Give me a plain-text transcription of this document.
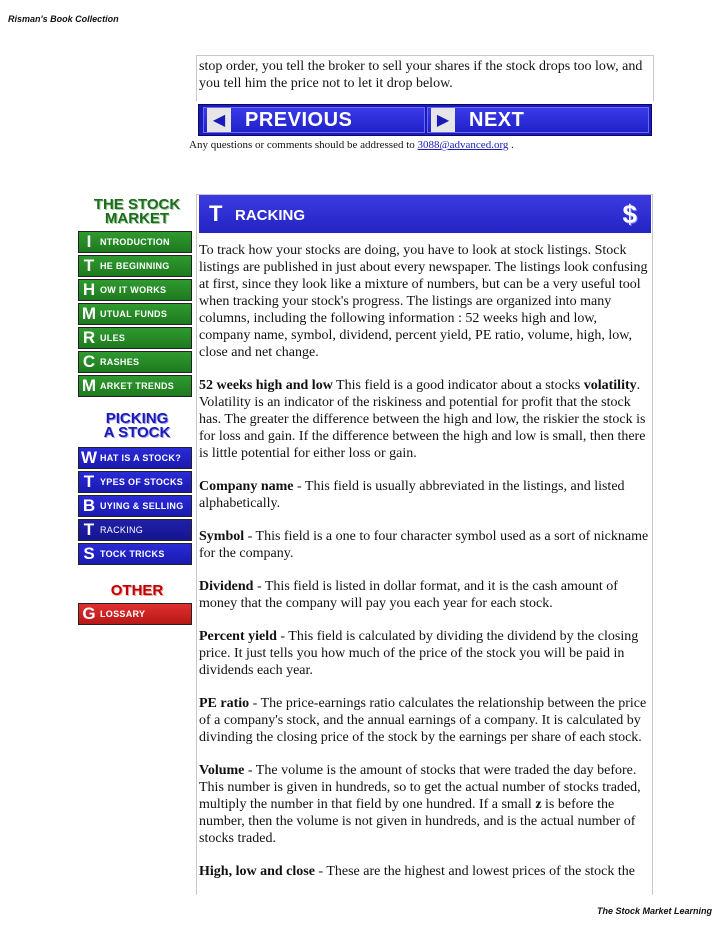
Risman's Book Collection

stop order, you tell the broker to sell your shares if the stock drops too low, and you tell him the price not to let it drop below.

◀ PREVIOUS	▶ NEXT
Any questions or comments should be addressed to 3088@advanced.org .
THE STOCK
MARKET
I NTRODUCTION
T HE BEGINNING
H OW IT WORKS
M UTUAL FUNDS
R ULES
C RASHES
M ARKET TRENDS
PICKING
A STOCK
W HAT IS A STOCK?
T YPES OF STOCKS
B UYING & SELLING
T RACKING
S TOCK TRICKS
OTHER
G LOSSARY
T RACKING	$

To track how your stocks are doing, you have to look at stock listings. Stock listings are published in just about every newspaper. The listings look confusing at first, since they look like a mixture of numbers, but can be a very useful tool when tracking your stock's progress. The listings are organized into many columns, including the following information : 52 weeks high and low, company name, symbol, dividend, percent yield, PE ratio, volume, high, low, close and net change.

52 weeks high and low This field is a good indicator about a stocks volatility. Volatility is an indicator of the riskiness and potential for profit that the stock has. The greater the difference between the high and low, the riskier the stock is for loss and gain. If the difference between the high and low is small, then there is little potential for either loss or gain.

Company name - This field is usually abbreviated in the listings, and listed alphabetically.

Symbol - This field is a one to four character symbol used as a sort of nickname for the company.

Dividend - This field is listed in dollar format, and it is the cash amount of money that the company will pay you each year for each stock.

Percent yield - This field is calculated by dividing the dividend by the closing price. It just tells you how much of the price of the stock you will be paid in dividends each year.

PE ratio - The price-earnings ratio calculates the relationship between the price of a company's stock, and the annual earnings of a company. It is calculated by divinding the closing price of the stock by the earnings per share of each stock.

Volume - The volume is the amount of stocks that were traded the day before. This number is given in hundreds, so to get the actual number of stocks traded, multiply the number in that field by one hundred. If a small z is before the number, then the volume is not given in hundreds, and is the actual number of stocks traded.

High, low and close - These are the highest and lowest prices of the stock the

The Stock Market Learning
